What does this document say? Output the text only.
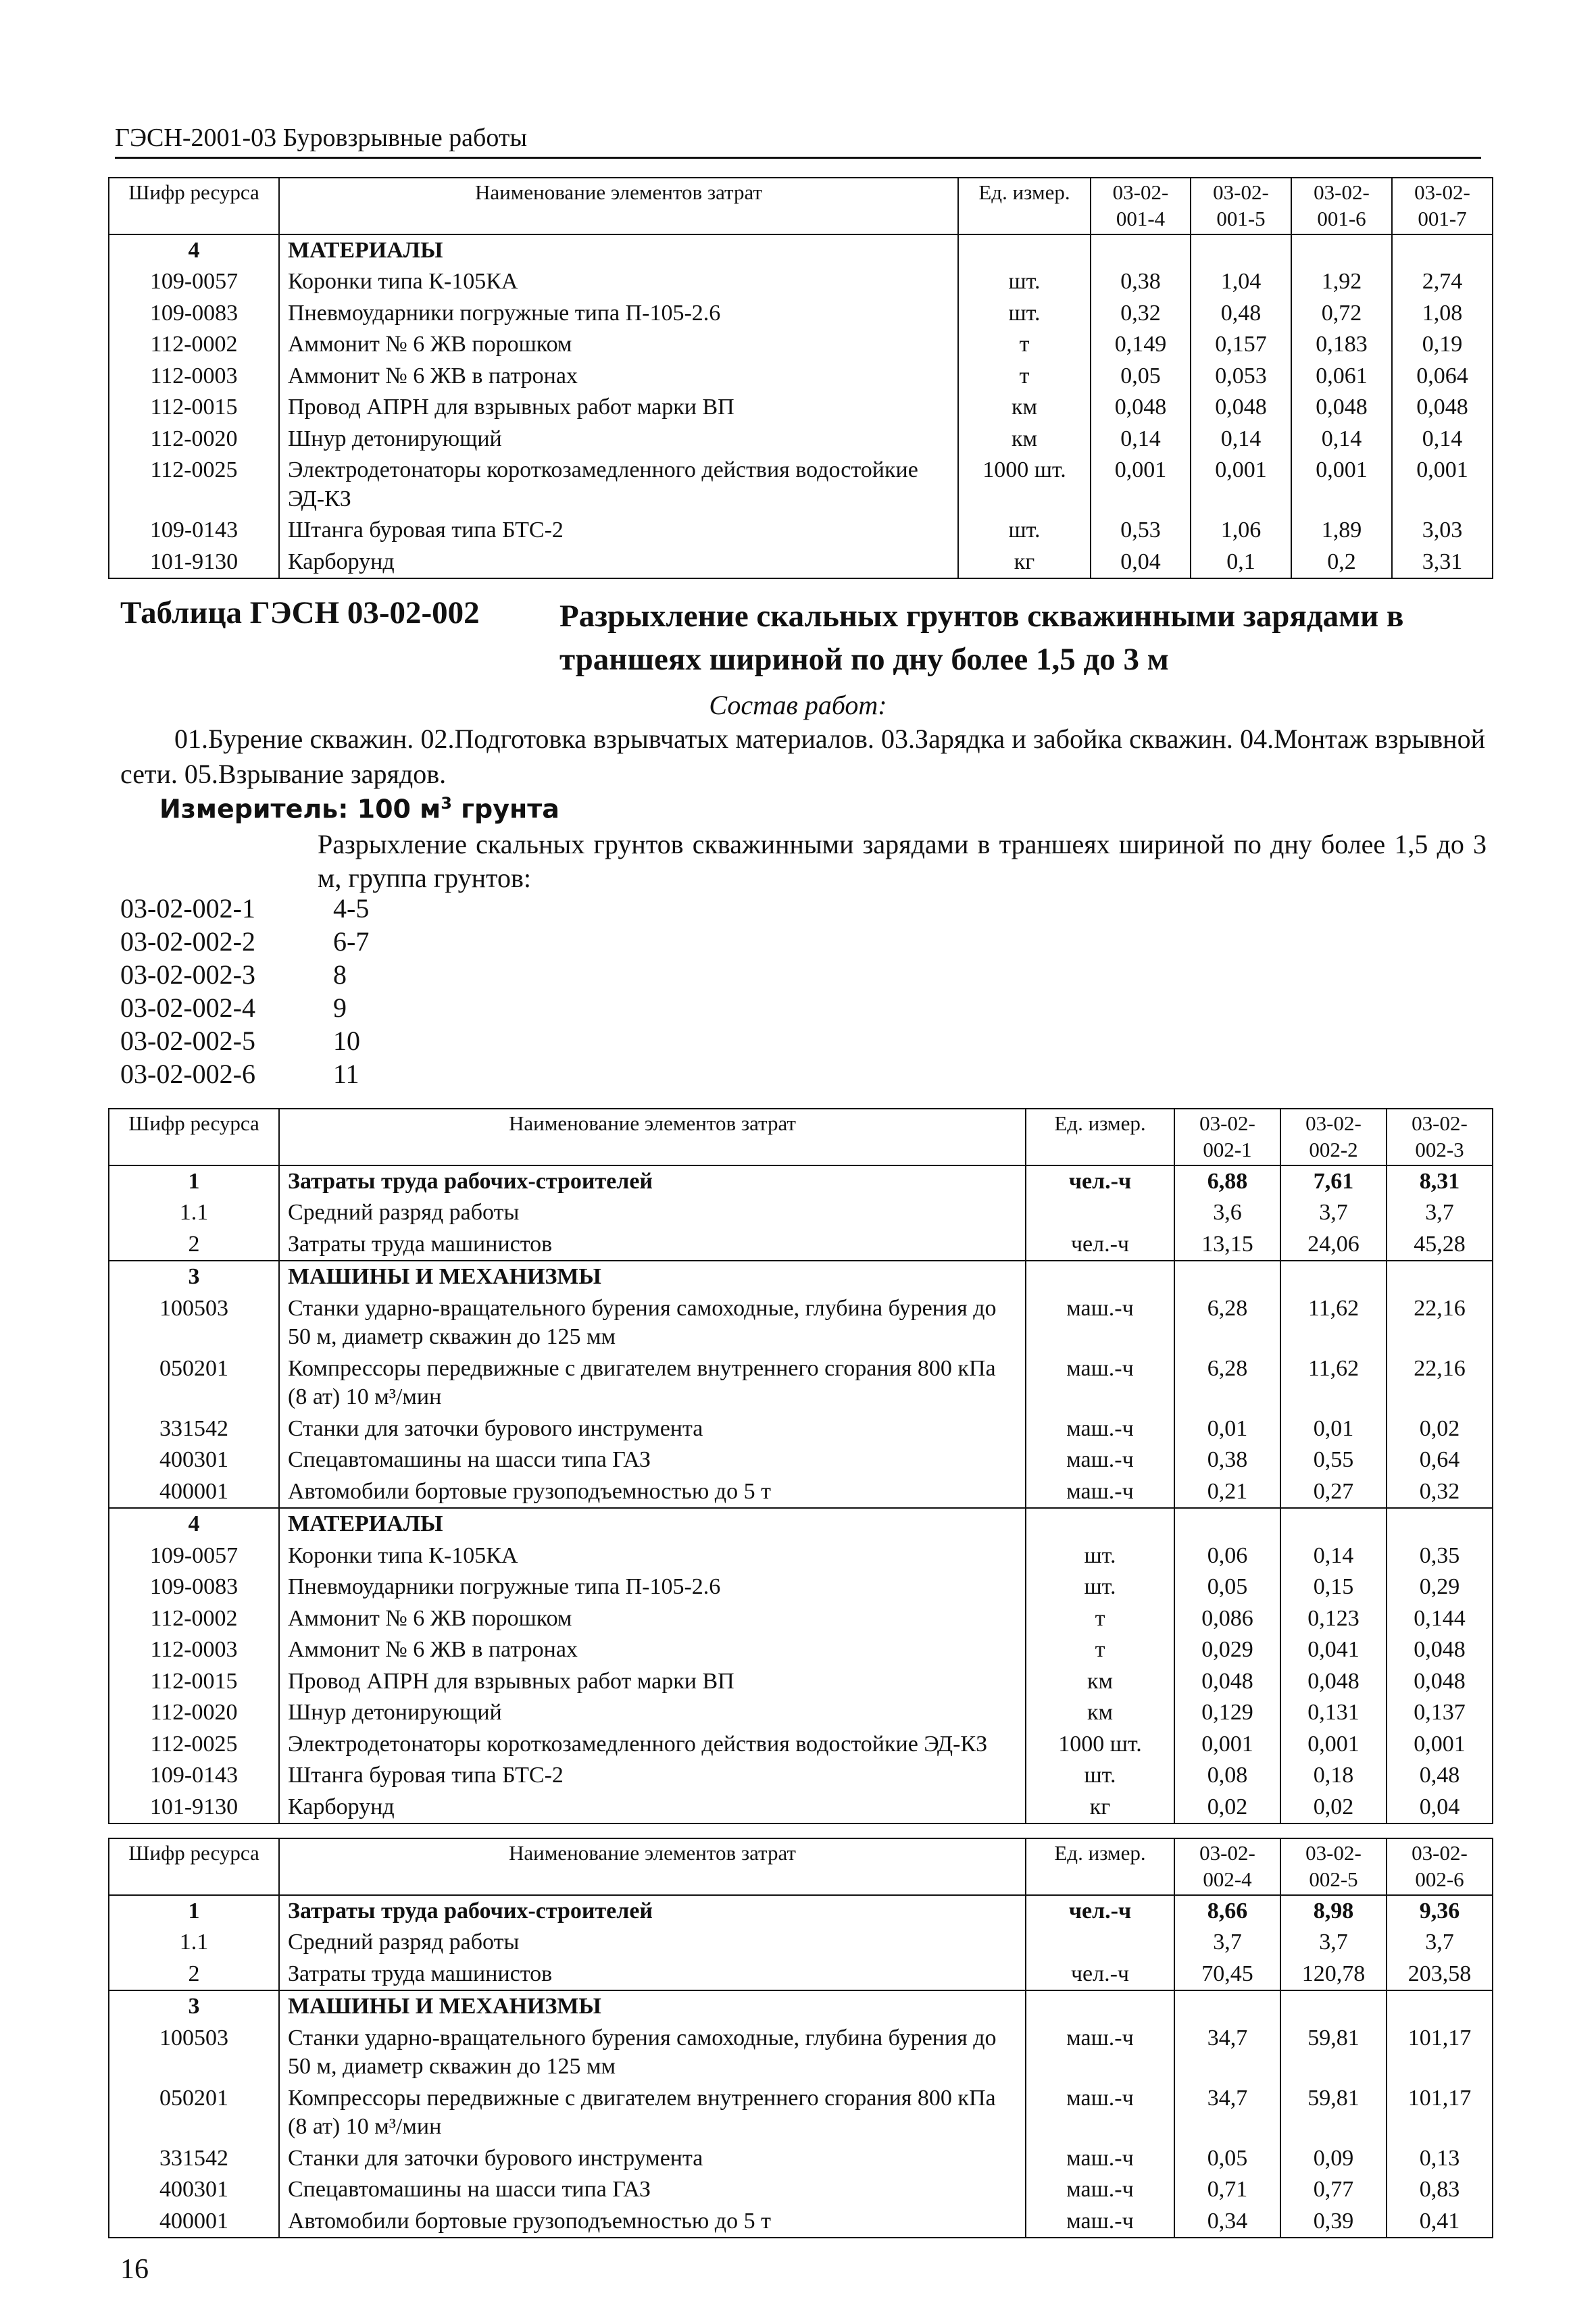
ГЭСН-2001-03 Буровзрывные работы
Шифр ресурса	Наименование элементов затрат	Ед. измер.	03-02-001-4	03-02-001-5	03-02-001-6	03-02-001-7
4	МАТЕРИАЛЫ					
109-0057	Коронки типа К-105КА	шт.	0,38	1,04	1,92	2,74
109-0083	Пневмоударники погружные типа П-105-2.6	шт.	0,32	0,48	0,72	1,08
112-0002	Аммонит № 6 ЖВ порошком	т	0,149	0,157	0,183	0,19
112-0003	Аммонит № 6 ЖВ в патронах	т	0,05	0,053	0,061	0,064
112-0015	Провод АПРН для взрывных работ марки ВП	км	0,048	0,048	0,048	0,048
112-0020	Шнур детонирующий	км	0,14	0,14	0,14	0,14
112-0025	Электродетонаторы короткозамедленного действия водостойкие ЭД-КЗ	1000 шт.	0,001	0,001	0,001	0,001
109-0143	Штанга буровая типа БТС-2	шт.	0,53	1,06	1,89	3,03
101-9130	Карборунд	кг	0,04	0,1	0,2	3,31
Таблица ГЭСН 03-02-002	Разрыхление скальных грунтов скважинными зарядами в траншеях шириной по дну более 1,5 до 3 м
Состав работ:
01.Бурение скважин. 02.Подготовка взрывчатых материалов. 03.Зарядка и забойка скважин. 04.Монтаж взрывной сети. 05.Взрывание зарядов.
Измеритель: 100 $м^3$ грунта
Разрыхление скальных грунтов скважинными зарядами в траншеях шириной по дну более 1,5 до 3 м, группа грунтов:
03-02-002-1	4-5
03-02-002-2	6-7
03-02-002-3	8
03-02-002-4	9
03-02-002-5	10
03-02-002-6	11
Шифр ресурса	Наименование элементов затрат	Ед. измер.	03-02-002-1	03-02-002-2	03-02-002-3
1	Затраты труда рабочих-строителей	чел.-ч	6,88	7,61	8,31
1.1	Средний разряд работы		3,6	3,7	3,7
2	Затраты труда машинистов	чел.-ч	13,15	24,06	45,28
3	МАШИНЫ И МЕХАНИЗМЫ				
100503	Станки ударно-вращательного бурения самоходные, глубина бурения до 50 м, диаметр скважин до 125 мм	маш.-ч	6,28	11,62	22,16
050201	Компрессоры передвижные с двигателем внутреннего сгорания 800 кПа (8 ат) 10 м³/мин	маш.-ч	6,28	11,62	22,16
331542	Станки для заточки бурового инструмента	маш.-ч	0,01	0,01	0,02
400301	Спецавтомашины на шасси типа ГАЗ	маш.-ч	0,38	0,55	0,64
400001	Автомобили бортовые грузоподъемностью до 5 т	маш.-ч	0,21	0,27	0,32
4	МАТЕРИАЛЫ				
109-0057	Коронки типа К-105КА	шт.	0,06	0,14	0,35
109-0083	Пневмоударники погружные типа П-105-2.6	шт.	0,05	0,15	0,29
112-0002	Аммонит № 6 ЖВ порошком	т	0,086	0,123	0,144
112-0003	Аммонит № 6 ЖВ в патронах	т	0,029	0,041	0,048
112-0015	Провод АПРН для взрывных работ марки ВП	км	0,048	0,048	0,048
112-0020	Шнур детонирующий	км	0,129	0,131	0,137
112-0025	Электродетонаторы короткозамедленного действия водостойкие ЭД-КЗ	1000 шт.	0,001	0,001	0,001
109-0143	Штанга буровая типа БТС-2	шт.	0,08	0,18	0,48
101-9130	Карборунд	кг	0,02	0,02	0,04
Шифр ресурса	Наименование элементов затрат	Ед. измер.	03-02-002-4	03-02-002-5	03-02-002-6
1	Затраты труда рабочих-строителей	чел.-ч	8,66	8,98	9,36
1.1	Средний разряд работы		3,7	3,7	3,7
2	Затраты труда машинистов	чел.-ч	70,45	120,78	203,58
3	МАШИНЫ И МЕХАНИЗМЫ				
100503	Станки ударно-вращательного бурения самоходные, глубина бурения до 50 м, диаметр скважин до 125 мм	маш.-ч	34,7	59,81	101,17
050201	Компрессоры передвижные с двигателем внутреннего сгорания 800 кПа (8 ат) 10 м³/мин	маш.-ч	34,7	59,81	101,17
331542	Станки для заточки бурового инструмента	маш.-ч	0,05	0,09	0,13
400301	Спецавтомашины на шасси типа ГАЗ	маш.-ч	0,71	0,77	0,83
400001	Автомобили бортовые грузоподъемностью до 5 т	маш.-ч	0,34	0,39	0,41
16
